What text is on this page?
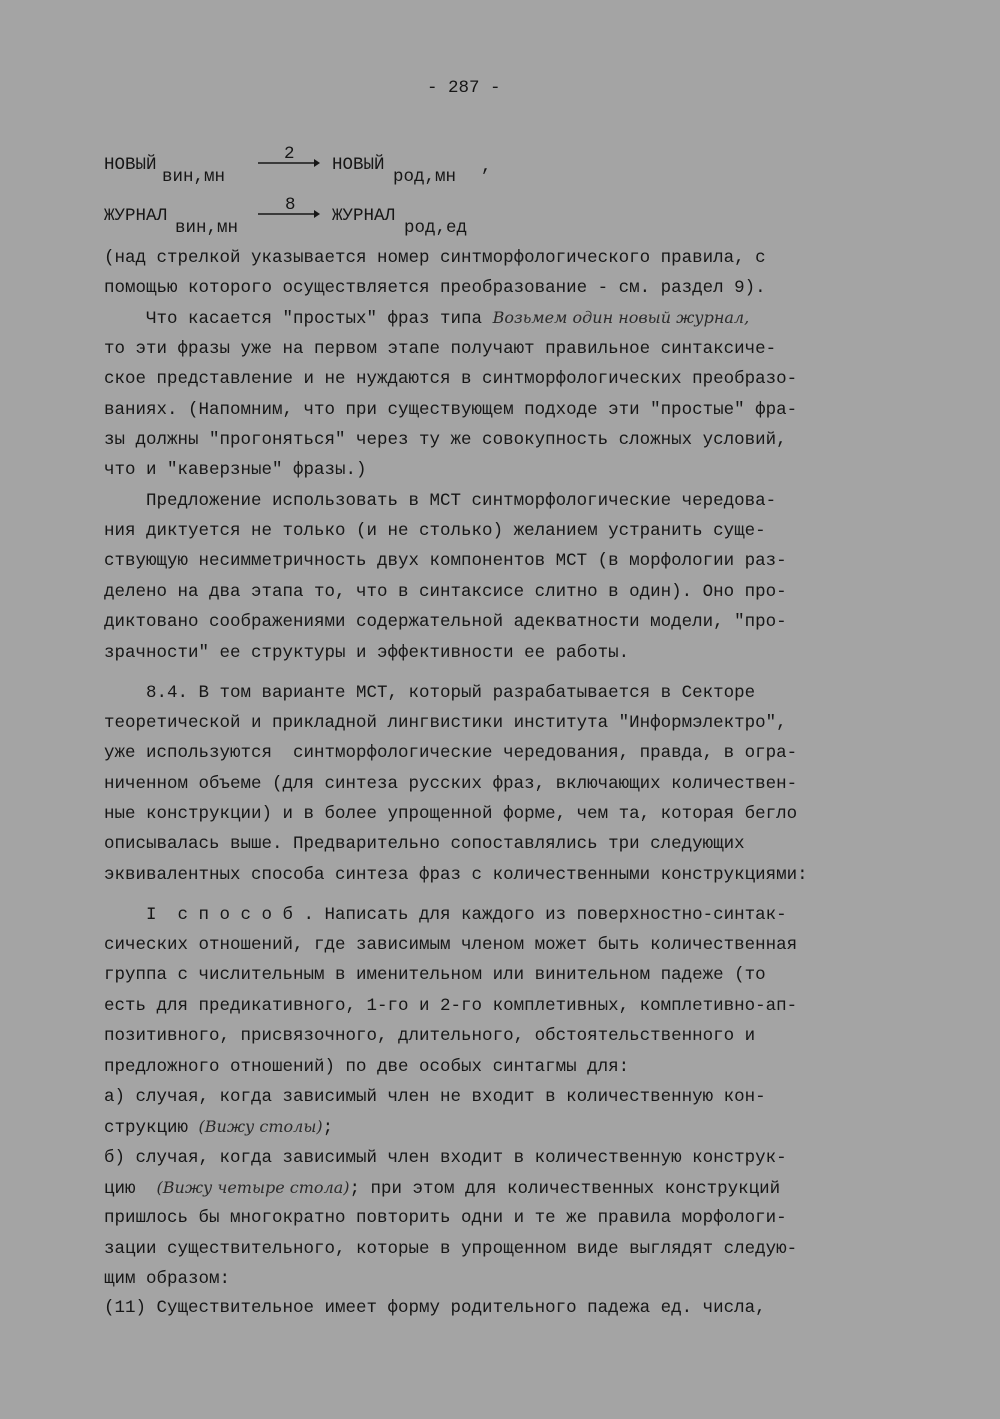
- 287 -
НОВЫЙ
вин,мн
2
НОВЫЙ
род,мн ,
ЖУРНАЛ
вин,мн
8
ЖУРНАЛ
род,ед
(над стрелкой указывается номер синтморфологического правила, с
помощью которого осуществляется преобразование - см. раздел 9).
Что касается "простых" фраз типа Возьмем один новый журнал,
то эти фразы уже на первом этапе получают правильное синтаксиче-
ское представление и не нуждаются в синтморфологических преобразо-
ваниях. (Напомним, что при существующем подходе эти "простые" фра-
зы должны "прогоняться" через ту же совокупность сложных условий,
что и "каверзные" фразы.)
Предложение использовать в МСТ синтморфологические чередова-
ния диктуется не только (и не столько) желанием устранить суще-
ствующую несимметричность двух компонентов МСТ (в морфологии раз-
делено на два этапа то, что в синтаксисе слитно в один). Оно про-
диктовано соображениями содержательной адекватности модели, "про-
зрачности" ее структуры и эффективности ее работы.
8.4. В том варианте МСТ, который разрабатывается в Секторе
теоретической и прикладной лингвистики института "Информэлектро",
уже используются  синтморфологические чередования, правда, в огра-
ниченном объеме (для синтеза русских фраз, включающих количествен-
ные конструкции) и в более упрощенной форме, чем та, которая бегло
описывалась выше. Предварительно сопоставлялись три следующих
эквивалентных способа синтеза фраз с количественными конструкциями:
I  с п о с о б . Написать для каждого из поверхностно-синтак-
сических отношений, где зависимым членом может быть количественная
группа с числительным в именительном или винительном падеже (то
есть для предикативного, 1-го и 2-го комплетивных, комплетивно-ап-
позитивного, присвязочного, длительного, обстоятельственного и
предложного отношений) по две особых синтагмы для:
а) случая, когда зависимый член не входит в количественную кон-
струкцию (Вижу столы);
б) случая, когда зависимый член входит в количественную конструк-
цию  (Вижу четыре стола); при этом для количественных конструкций
пришлось бы многократно повторить одни и те же правила морфологи-
зации существительного, которые в упрощенном виде выглядят следую-
щим образом:
(11) Существительное имеет форму родительного падежа ед. числа,
